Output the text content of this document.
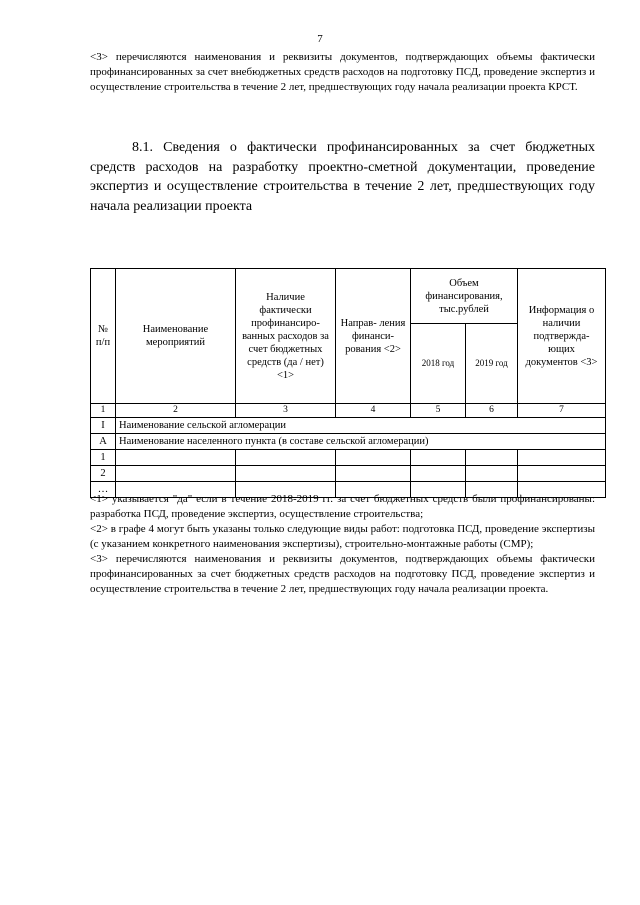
7
<3> перечисляются наименования и реквизиты документов, подтверждающих объемы фактически профинансированных за счет внебюджетных средств расходов на подготовку ПСД, проведение экспертиз и осуществление строительства в течение 2 лет, предшествующих году начала реализации проекта КРСТ.
8.1. Сведения о фактически профинансированных за счет бюджетных средств расходов на разработку проектно-сметной документации, проведение экспертиз и осуществление строительства в течение 2 лет, предшествующих году начала реализации проекта
№ п/п	Наименование мероприятий	Наличие фактически профинансиро- ванных расходов за счет бюджетных средств (да / нет) <1>	Направ- ления финанси- рования <2>	Объем финансирования, тыс.рублей		Информация о наличии подтвержда- ющих документов <3>
				2018 год	2019 год	
1	2	3	4	5	6	7
I	Наименование сельской агломерации					
А	Наименование населенного пункта (в составе сельской агломерации)					
1						
2						
…						

<1> указывается "да" если в течение 2018-2019 гг. за счет бюджетных средств были профинансированы: разработка ПСД, проведение экспертиз, осуществление строительства;

<2> в графе 4 могут быть указаны только следующие виды работ: подготовка ПСД, проведение экспертизы (с указанием конкретного наименования экспертизы), строительно-монтажные работы (СМР);

<3> перечисляются наименования и реквизиты документов, подтверждающих объемы фактически профинансированных за счет бюджетных средств расходов на подготовку ПСД, проведение экспертиз и осуществление строительства в течение 2 лет, предшествующих году начала реализации проекта.
